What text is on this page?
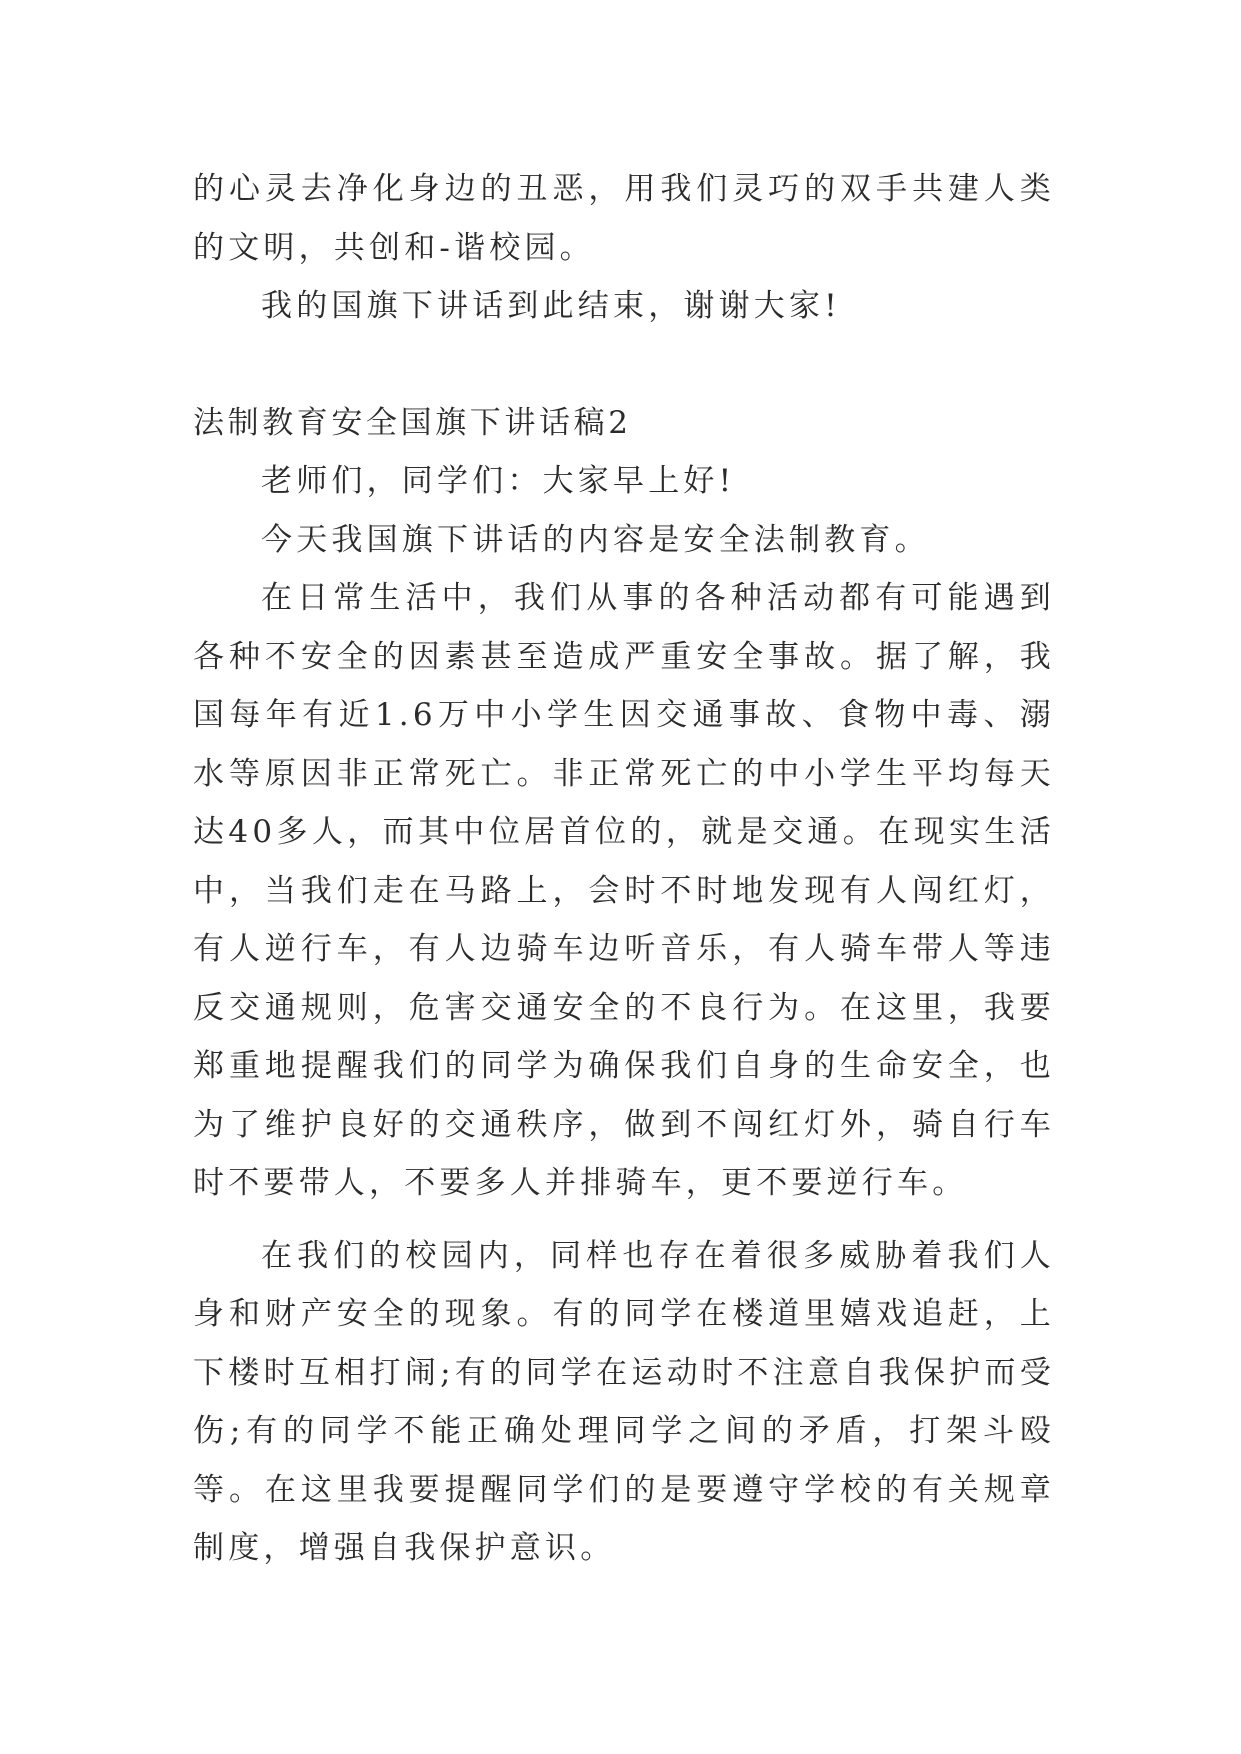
的心灵去净化身边的丑恶，用我们灵巧的双手共建人类的文明，共创和-谐校园。

我的国旗下讲话到此结束，谢谢大家!

法制教育安全国旗下讲话稿2

老师们，同学们：大家早上好!

今天我国旗下讲话的内容是安全法制教育。

在日常生活中，我们从事的各种活动都有可能遇到各种不安全的因素甚至造成严重安全事故。据了解，我国每年有近1.6万中小学生因交通事故、食物中毒、溺水等原因非正常死亡。非正常死亡的中小学生平均每天达40多人，而其中位居首位的，就是交通。在现实生活中，当我们走在马路上，会时不时地发现有人闯红灯，有人逆行车，有人边骑车边听音乐，有人骑车带人等违反交通规则，危害交通安全的不良行为。在这里，我要郑重地提醒我们的同学为确保我们自身的生命安全，也为了维护良好的交通秩序，做到不闯红灯外，骑自行车时不要带人，不要多人并排骑车，更不要逆行车。

在我们的校园内，同样也存在着很多威胁着我们人身和财产安全的现象。有的同学在楼道里嬉戏追赶，上下楼时互相打闹;有的同学在运动时不注意自我保护而受伤;有的同学不能正确处理同学之间的矛盾，打架斗殴等。在这里我要提醒同学们的是要遵守学校的有关规章制度，增强自我保护意识。
